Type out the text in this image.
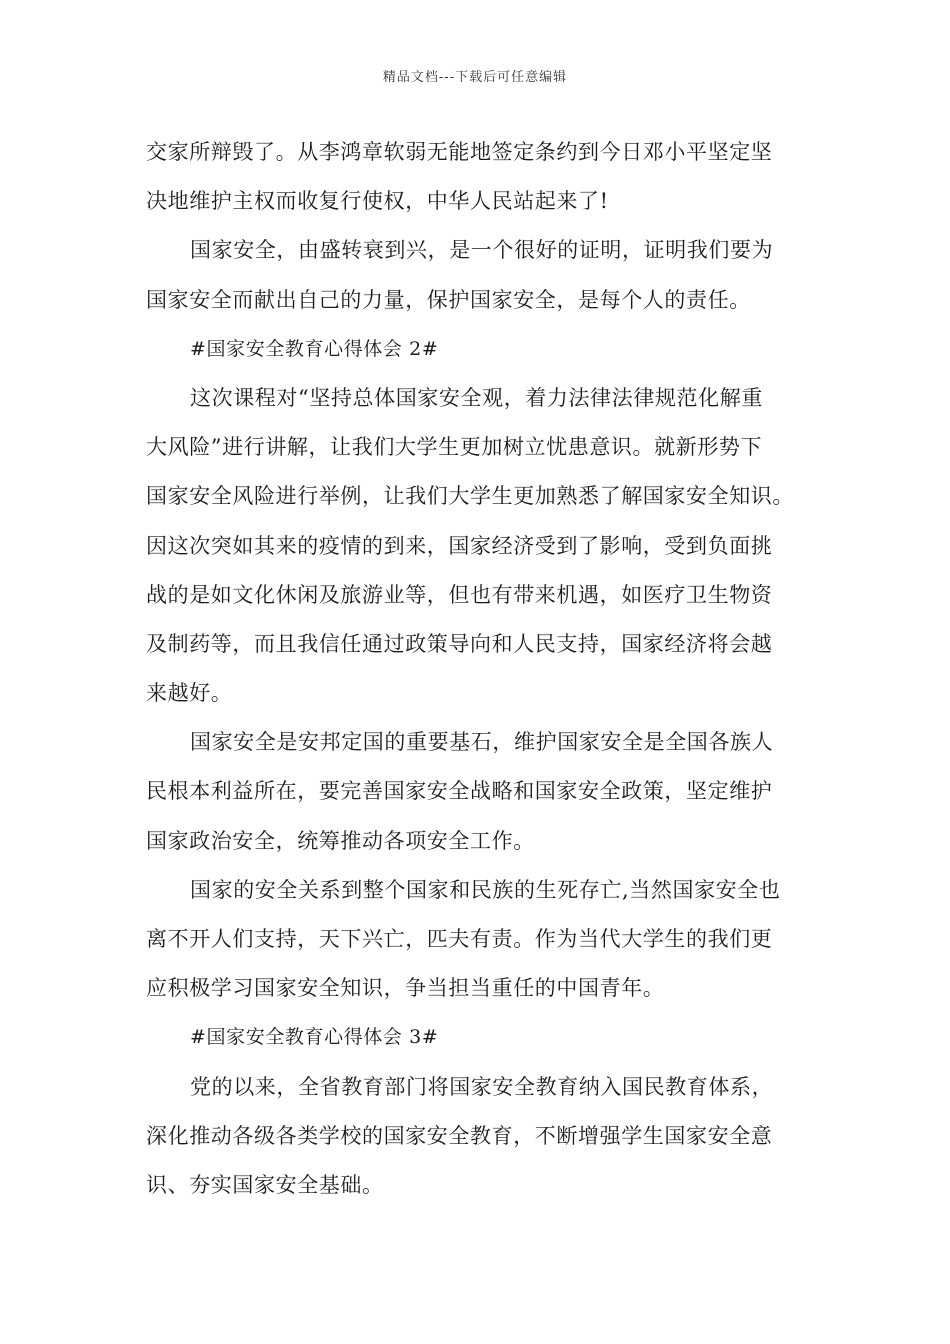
精品文档---下载后可任意编辑
交家所辩毁了。从李鸿章软弱无能地签定条约到今日邓小平坚定坚
决地维护主权而收复行使权，中华人民站起来了!
国家安全，由盛转衰到兴，是一个很好的证明，证明我们要为
国家安全而献出自己的力量，保护国家安全，是每个人的责任。
#国家安全教育心得体会 2#
这次课程对“坚持总体国家安全观，着力法律法律规范化解重
大风险”进行讲解，让我们大学生更加树立忧患意识。就新形势下
国家安全风险进行举例，让我们大学生更加熟悉了解国家安全知识。
因这次突如其来的疫情的到来，国家经济受到了影响，受到负面挑
战的是如文化休闲及旅游业等，但也有带来机遇，如医疗卫生物资
及制药等，而且我信任通过政策导向和人民支持，国家经济将会越
来越好。
国家安全是安邦定国的重要基石，维护国家安全是全国各族人
民根本利益所在，要完善国家安全战略和国家安全政策，坚定维护
国家政治安全，统筹推动各项安全工作。
国家的安全关系到整个国家和民族的生死存亡,当然国家安全也
离不开人们支持，天下兴亡，匹夫有责。作为当代大学生的我们更
应积极学习国家安全知识，争当担当重任的中国青年。
#国家安全教育心得体会 3#
党的以来，全省教育部门将国家安全教育纳入国民教育体系，
深化推动各级各类学校的国家安全教育，不断增强学生国家安全意
识、夯实国家安全基础。
